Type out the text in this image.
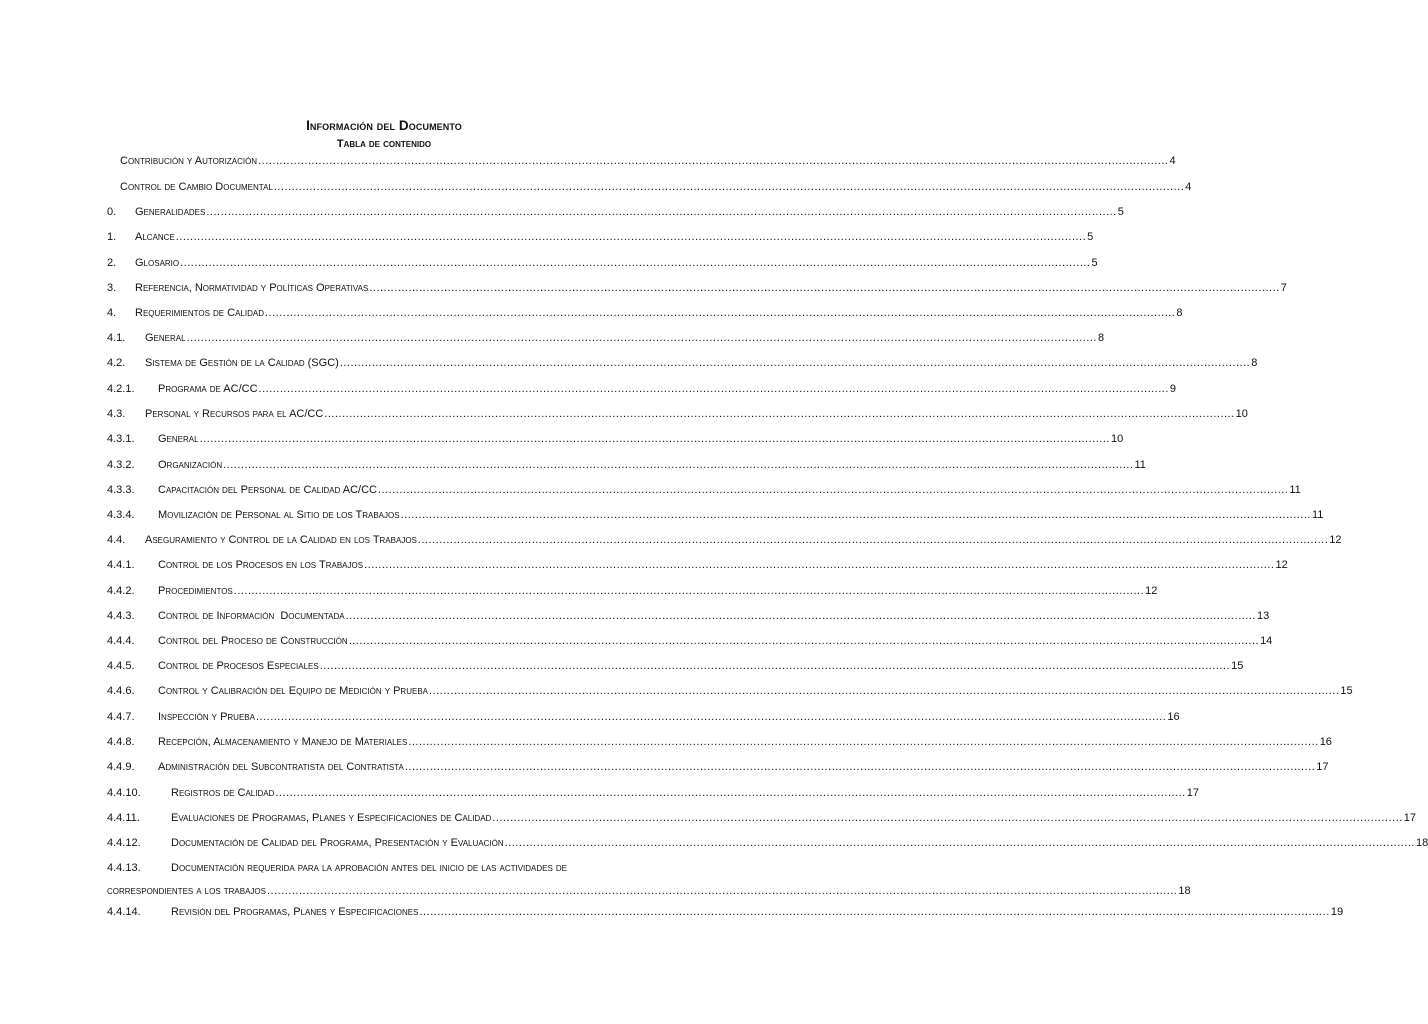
Información del Documento
Tabla de contenido
Contribución y Autorización .....	4
Control de Cambio Documental .....	4
0.	Generalidades .....	5
1.	Alcance .....	5
2.	Glosario .....	5
3.	Referencia, Normatividad y Políticas Operativas .....	7
4.	Requerimientos de Calidad .....	8
4.1.	General .....	8
4.2.	Sistema de Gestión de la Calidad (SGC) .....	8
4.2.1.	Programa de AC/CC .....	9
4.3.	Personal y Recursos para el AC/CC .....	10
4.3.1.	General .....	10
4.3.2.	Organización .....	11
4.3.3.	Capacitación del Personal de Calidad AC/CC .....	11
4.3.4.	Movilización de Personal al Sitio de los Trabajos .....	11
4.4.	Aseguramiento y Control de la Calidad en los Trabajos .....	12
4.4.1.	Control de los Procesos en los Trabajos .....	12
4.4.2.	Procedimientos .....	12
4.4.3.	Control de Información  Documentada .....	13
4.4.4.	Control del Proceso de Construcción .....	14
4.4.5.	Control de Procesos Especiales .....	15
4.4.6.	Control y Calibración del Equipo de Medición y Prueba .....	15
4.4.7.	Inspección y Prueba .....	16
4.4.8.	Recepción, Almacenamiento y Manejo de Materiales .....	16
4.4.9.	Administración del Subcontratista del Contratista .....	17
4.4.10.	Registros de Calidad .....	17
4.4.11.	Evaluaciones de Programas, Planes y Especificaciones de Calidad .....	17
4.4.12.	Documentación de Calidad del Programa, Presentación y Evaluación .....	18
4.4.13.	Documentación requerida para la aprobación antes del inicio de las actividades de
correspondientes a los trabajos .....	18
4.4.14.	Revisión del Programas, Planes y Especificaciones .....	19
